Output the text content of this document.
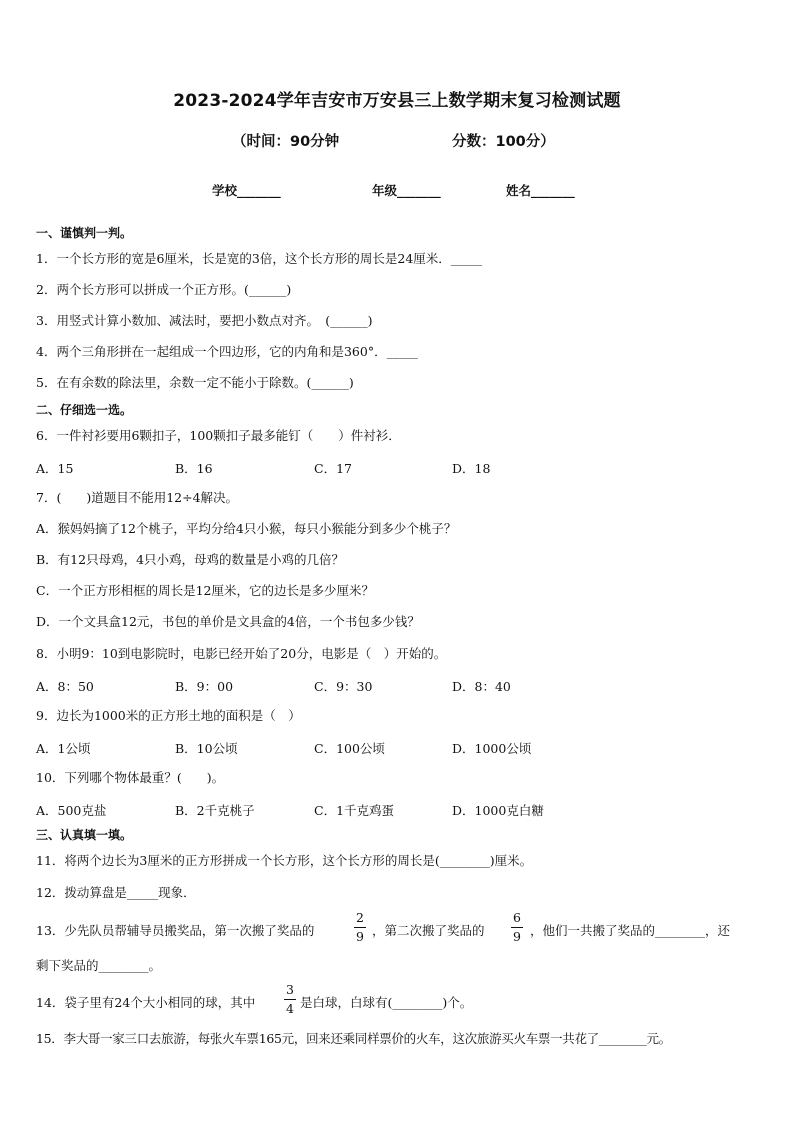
2023-2024学年吉安市万安县三上数学期末复习检测试题
（时间：90分钟	分数：100分）
学校_______	年级_______	姓名_______
一、谨慎判一判。
1．一个长方形的宽是6厘米，长是宽的3倍，这个长方形的周长是24厘米．_____
2．两个长方形可以拼成一个正方形。(______)
3．用竖式计算小数加、减法时，要把小数点对齐。　(______)
4．两个三角形拼在一起组成一个四边形，它的内角和是360°．_____
5．在有余数的除法里，余数一定不能小于除数。(______)
二、仔细选一选。
6．一件衬衫要用6颗扣子，100颗扣子最多能钉（　　）件衬衫．
A．15	B．16	C．17	D．18
7．(　　)道题目不能用12÷4解决。
A．猴妈妈摘了12个桃子，平均分给4只小猴，每只小猴能分到多少个桃子？
B．有12只母鸡，4只小鸡，母鸡的数量是小鸡的几倍？
C．一个正方形相框的周长是12厘米，它的边长是多少厘米？
D．一个文具盒12元，书包的单价是文具盒的4倍，一个书包多少钱？
8．小明9：10到电影院时，电影已经开始了20分，电影是（　）开始的。
A．8：50	B．9：00	C．9：30	D．8：40
9．边长为1000米的正方形土地的面积是（　）
A．1公顷	B．10公顷	C．100公顷	D．1000公顷
10．下列哪个物体最重？(　　)。
A．500克盐	B．2千克桃子	C．1千克鸡蛋	D．1000克白糖
三、认真填一填。
11．将两个边长为3厘米的正方形拼成一个长方形，这个长方形的周长是(________)厘米。
12．拨动算盘是_____现象．
13．少先队员帮辅导员搬奖品，第一次搬了奖品的
2
9 ，第二次搬了奖品的
6
9 ，他们一共搬了奖品的________，还
剩下奖品的________。
14．袋子里有24个大小相同的球，其中
3
4 是白球，白球有(________)个。
15．李大哥一家三口去旅游，每张火车票165元，回来还乘同样票价的火车，这次旅游买火车票一共花了________元。
